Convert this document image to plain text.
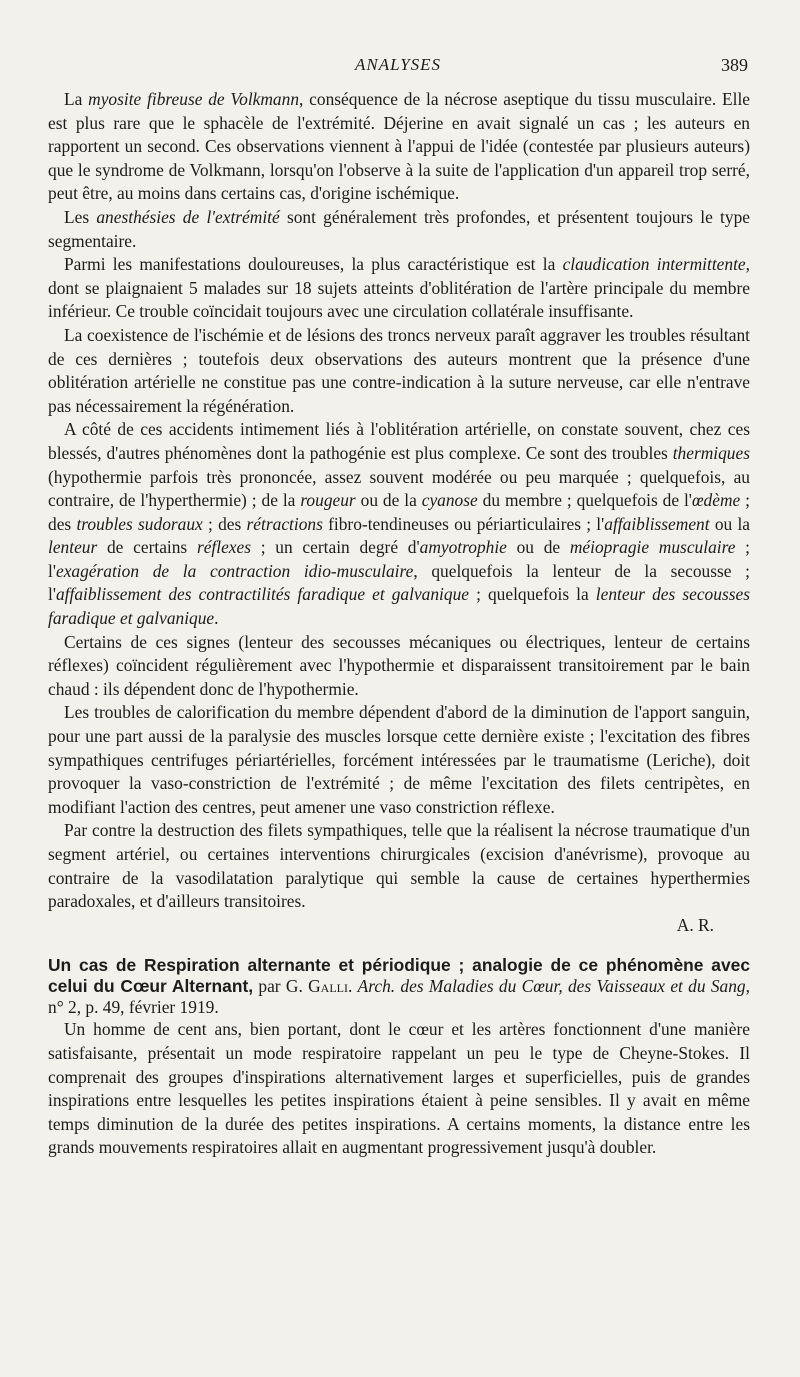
ANALYSES	389

La myosite fibreuse de Volkmann, conséquence de la nécrose aseptique du tissu musculaire. Elle est plus rare que le sphacèle de l'extrémité. Déjerine en avait signalé un cas ; les auteurs en rapportent un second. Ces observations viennent à l'appui de l'idée (contestée par plusieurs auteurs) que le syndrome de Volkmann, lorsqu'on l'observe à la suite de l'application d'un appareil trop serré, peut être, au moins dans certains cas, d'origine ischémique.

Les anesthésies de l'extrémité sont généralement très profondes, et présentent toujours le type segmentaire.

Parmi les manifestations douloureuses, la plus caractéristique est la claudication intermittente, dont se plaignaient 5 malades sur 18 sujets atteints d'oblitération de l'artère principale du membre inférieur. Ce trouble coïncidait toujours avec une circulation collatérale insuffisante.

La coexistence de l'ischémie et de lésions des troncs nerveux paraît aggraver les troubles résultant de ces dernières ; toutefois deux observations des auteurs montrent que la présence d'une oblitération artérielle ne constitue pas une contre-indication à la suture nerveuse, car elle n'entrave pas nécessairement la régénération.

A côté de ces accidents intimement liés à l'oblitération artérielle, on constate souvent, chez ces blessés, d'autres phénomènes dont la pathogénie est plus complexe. Ce sont des troubles thermiques (hypothermie parfois très prononcée, assez souvent modérée ou peu marquée ; quelquefois, au contraire, de l'hyperthermie) ; de la rougeur ou de la cyanose du membre ; quelquefois de l'œdème ; des troubles sudoraux ; des rétractions fibro-tendineuses ou périarticulaires ; l'affaiblissement ou la lenteur de certains réflexes ; un certain degré d'amyotrophie ou de méiopragie musculaire ; l'exagération de la contraction idio-musculaire, quelquefois la lenteur de la secousse ; l'affaiblissement des contractilités faradique et galvanique ; quelquefois la lenteur des secousses faradique et galvanique.

Certains de ces signes (lenteur des secousses mécaniques ou électriques, lenteur de certains réflexes) coïncident régulièrement avec l'hypothermie et disparaissent transitoirement par le bain chaud : ils dépendent donc de l'hypothermie.

Les troubles de calorification du membre dépendent d'abord de la diminution de l'apport sanguin, pour une part aussi de la paralysie des muscles lorsque cette dernière existe ; l'excitation des fibres sympathiques centrifuges périartérielles, forcément intéressées par le traumatisme (Leriche), doit provoquer la vaso-constriction de l'extrémité ; de même l'excitation des filets centripètes, en modifiant l'action des centres, peut amener une vaso constriction réflexe.

Par contre la destruction des filets sympathiques, telle que la réalisent la nécrose traumatique d'un segment artériel, ou certaines interventions chirurgicales (excision d'anévrisme), provoque au contraire de la vasodilatation paralytique qui semble la cause de certaines hyperthermies paradoxales, et d'ailleurs transitoires.

A. R.

Un cas de Respiration alternante et périodique ; analogie de ce phénomène avec celui du Cœur Alternant, par G. Galli. Arch. des Maladies du Cœur, des Vaisseaux et du Sang, n° 2, p. 49, février 1919.

Un homme de cent ans, bien portant, dont le cœur et les artères fonctionnent d'une manière satisfaisante, présentait un mode respiratoire rappelant un peu le type de Cheyne-Stokes. Il comprenait des groupes d'inspirations alternativement larges et superficielles, puis de grandes inspirations entre lesquelles les petites inspirations étaient à peine sensibles. Il y avait en même temps diminution de la durée des petites inspirations. A certains moments, la distance entre les grands mouvements respiratoires allait en augmentant progressivement jusqu'à doubler.
